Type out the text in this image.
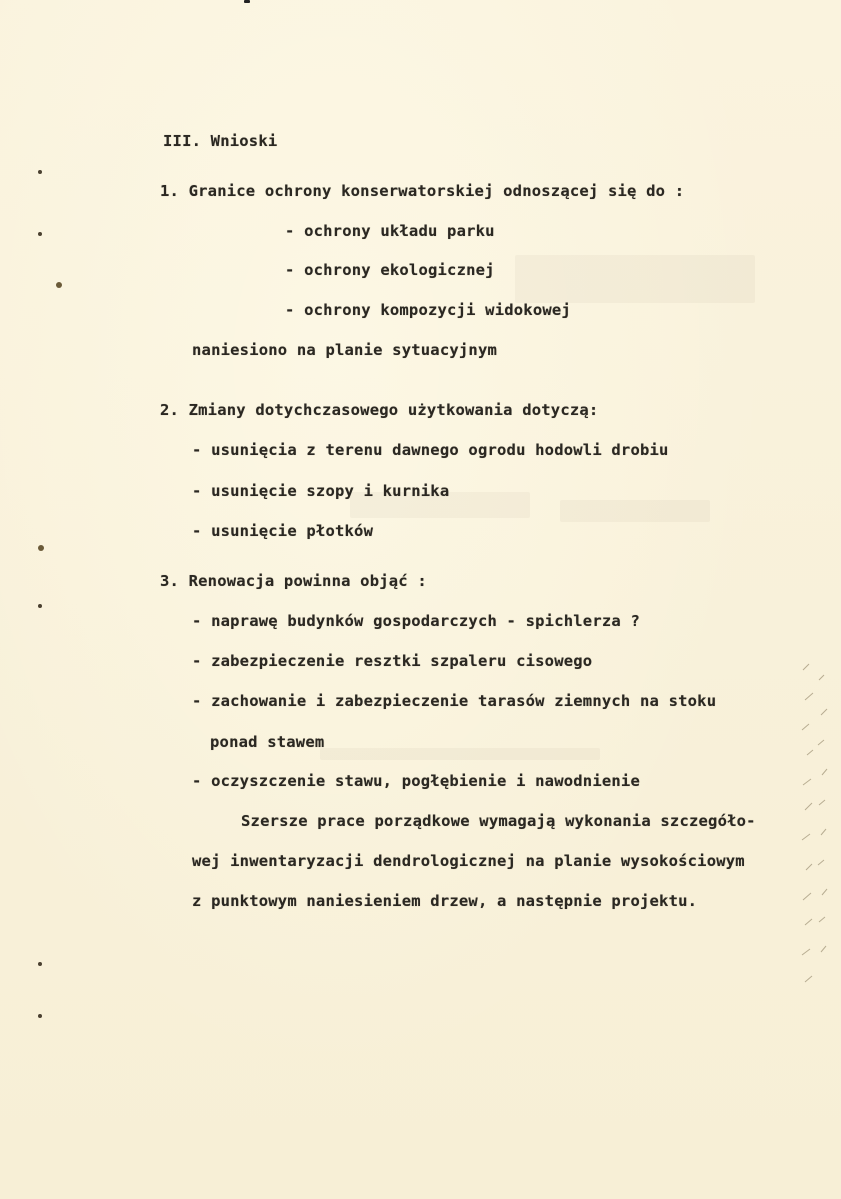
III. Wnioski
1. Granice ochrony konserwatorskiej odnoszącej się do :
- ochrony układu parku
- ochrony ekologicznej
- ochrony kompozycji widokowej
naniesiono na planie sytuacyjnym
2. Zmiany dotychczasowego użytkowania dotyczą:
- usunięcia z terenu dawnego ogrodu hodowli drobiu
- usunięcie szopy i kurnika
- usunięcie płotków
3. Renowacja powinna objąć :
- naprawę budynków gospodarczych - spichlerza ?
- zabezpieczenie resztki szpaleru cisowego
- zachowanie i zabezpieczenie tarasów ziemnych na stoku
ponad stawem
- oczyszczenie stawu, pogłębienie i nawodnienie
Szersze prace porządkowe wymagają wykonania szczegóło-
wej inwentaryzacji dendrologicznej na planie wysokościowym
z punktowym naniesieniem drzew, a następnie projektu.
